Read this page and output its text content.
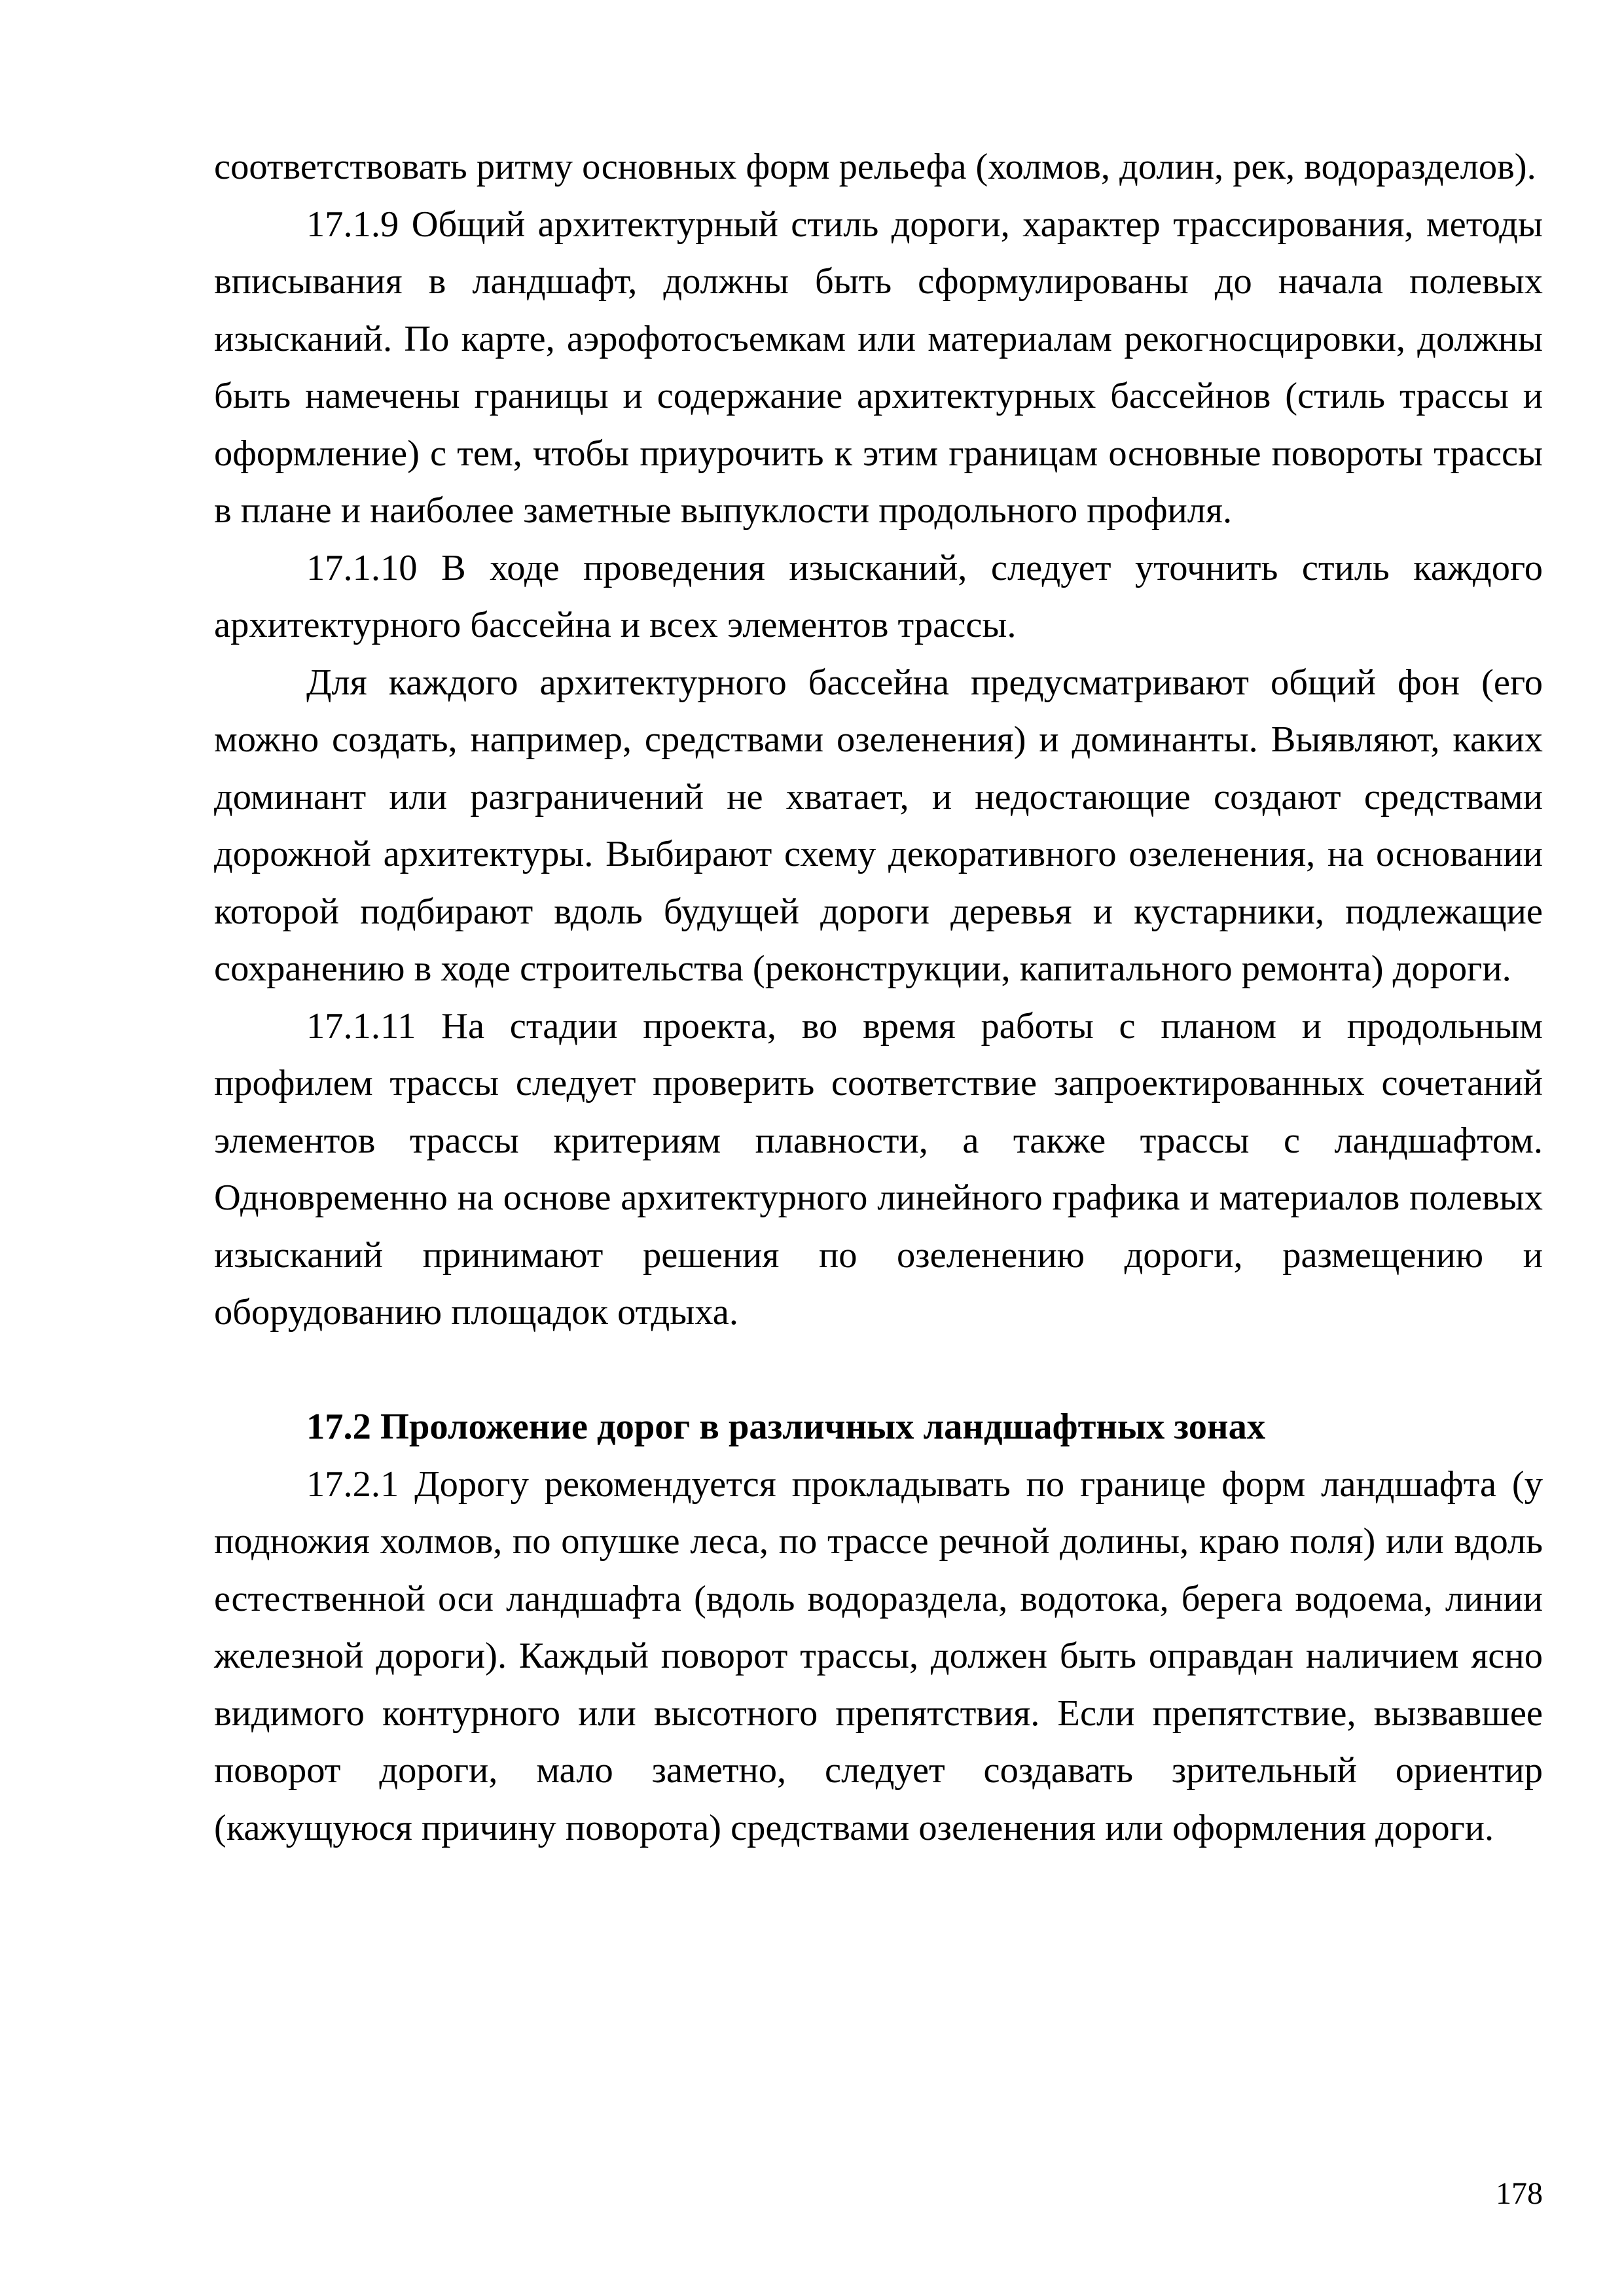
соответствовать ритму основных форм рельефа (холмов, долин, рек, водоразделов).

17.1.9 Общий архитектурный стиль дороги, характер трассирования, методы вписывания в ландшафт, должны быть сформулированы до начала полевых изысканий. По карте, аэрофотосъемкам или материалам рекогносцировки, должны быть намечены границы и содержание архитектурных бассейнов (стиль трассы и оформление) с тем, чтобы приурочить к этим границам основные повороты трассы в плане и наиболее заметные выпуклости продольного профиля.

17.1.10 В ходе проведения изысканий, следует уточнить стиль каждого архитектурного бассейна и всех элементов трассы.

Для каждого архитектурного бассейна предусматривают общий фон (его можно создать, например, средствами озеленения) и доминанты. Выявляют, каких доминант или разграничений не хватает, и недостающие создают средствами дорожной архитектуры. Выбирают схему декоративного озеленения, на основании которой подбирают вдоль будущей дороги деревья и кустарники, подлежащие сохранению в ходе строительства (реконструкции, капитального ремонта) дороги.

17.1.11 На стадии проекта, во время работы с планом и продольным профилем трассы следует проверить соответствие запроектированных сочетаний элементов трассы критериям плавности, а также трассы с ландшафтом. Одновременно на основе архитектурного линейного графика и материалов полевых изысканий принимают решения по озеленению дороги, размещению и оборудованию площадок отдыха.

17.2 Проложение дорог в различных ландшафтных зонах

17.2.1 Дорогу рекомендуется прокладывать по границе форм ландшафта (у подножия холмов, по опушке леса, по трассе речной долины, краю поля) или вдоль естественной оси ландшафта (вдоль водораздела, водотока, берега водоема, линии железной дороги). Каждый поворот трассы, должен быть оправдан наличием ясно видимого контурного или высотного препятствия. Если препятствие, вызвавшее поворот дороги, мало заметно, следует создавать зрительный ориентир (кажущуюся причину поворота) средствами озеленения или оформления дороги.

178
